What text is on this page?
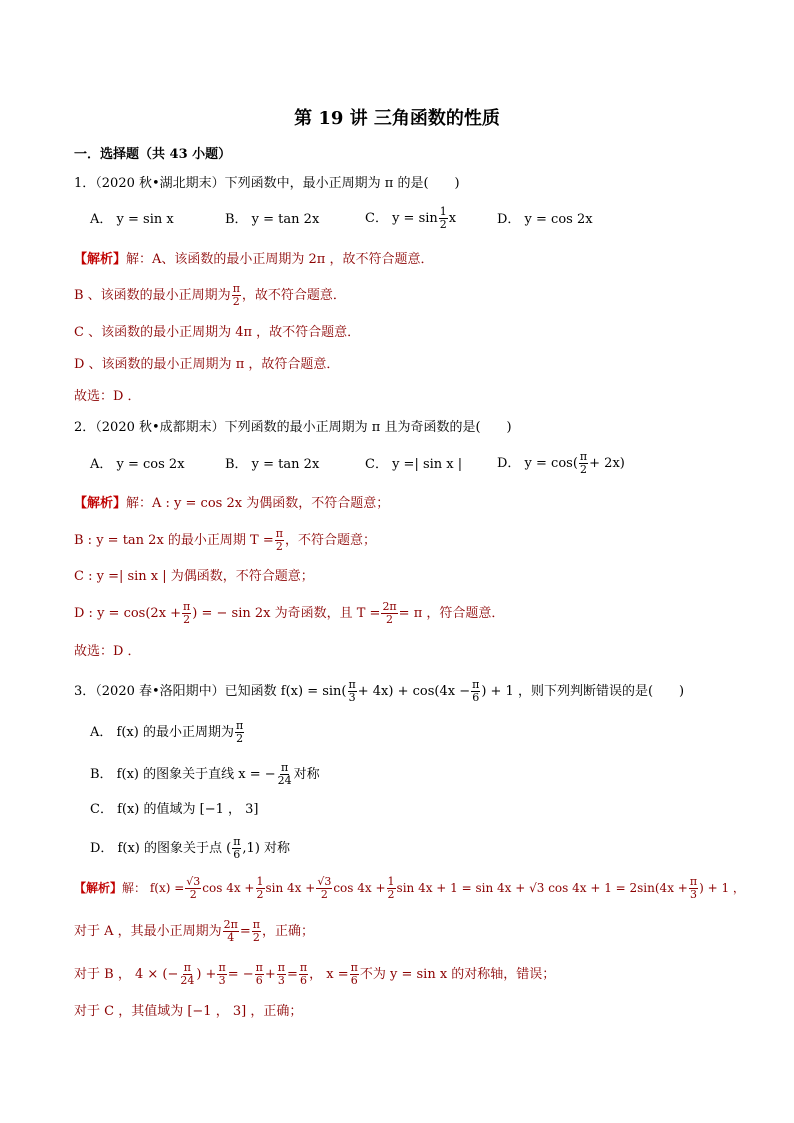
第 19 讲 三角函数的性质
一．选择题（共 43 小题）
1．（2020 秋•湖北期末）下列函数中，最小正周期为 π 的是(　　)
A． y = sin x	B． y = tan 2x	C． $y = \sin \frac{1}{2}$ x	D． y = cos 2x
【解析】解：A、该函数的最小正周期为 2π ，故不符合题意．
B 、该函数的最小正周期为 $\frac{\pi}{2}$ ，故不符合题意．
C 、该函数的最小正周期为 4π ，故不符合题意．
D 、该函数的最小正周期为 π ，故符合题意．
故选：D ．
2．（2020 秋•成都期末）下列函数的最小正周期为 π 且为奇函数的是(　　)
A． y = cos 2x	B． y = tan 2x	C． y =| sin x |	D． $y = \cos( \frac{\pi}{2} + 2x)$
【解析】解：A : y = cos 2x 为偶函数，不符合题意；
B : y = tan 2x 的最小正周期 $T = \frac{\pi}{2}$ ，不符合题意；
C : y =| sin x | 为偶函数，不符合题意；
D : $y = \cos(2x + \frac{\pi}{2}$ ) = − sin 2x 为奇函数，且 $T = \frac{2\pi}{2} = \pi$ ，符合题意．
故选：D ．
3．（2020 春•洛阳期中）已知函数 $f(x) = \sin( \frac{\pi}{3} + 4x) + \cos(4x - \frac{\pi}{6}$ ) + 1 ，则下列判断错误的是(　　)
A． f(x) 的最小正周期为 $\frac{\pi}{2}$
B． f(x) 的图象关于直线 x = − $\frac{\pi}{24}$ 对称
C． f(x) 的值域为 [−1 ， 3]
D． f(x) 的图象关于点 ( $\frac{\pi}{6} ,1$) 对称
【解析】解： $f(x) = \frac{√3}{2}$ $\cos 4x + \frac{1}{2}$ $\sin 4x + \frac{√3}{2}$ $\cos 4x + \frac{1}{2}$ sin 4x + 1 = sin 4x + √3 $\cos 4x + 1 = 2\sin(4x + \frac{\pi}{3}$ ) + 1 ，
对于 A ，其最小正周期为 $\frac{2\pi}{4} = \frac{\pi}{2}$ ，正确；
对于 B ， 4 × (− $\frac{\pi}{24}$ ) + $\frac{\pi}{3}$ = − $\frac{\pi}{6} + \frac{\pi}{3} = \frac{\pi}{6}$ ， $x = \frac{\pi}{6}$ 不为 y = sin x 的对称轴，错误；
对于 C ，其值域为 [−1 ， 3] ，正确；
